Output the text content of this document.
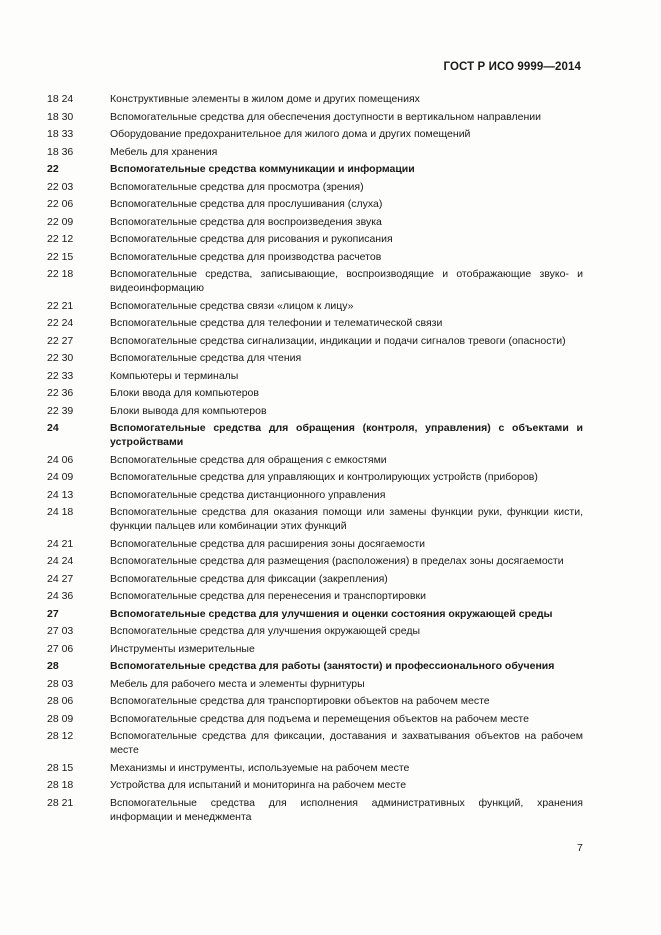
ГОСТ Р ИСО 9999—2014
18 24	Конструктивные элементы в жилом доме и других помещениях
18 30	Вспомогательные средства для обеспечения доступности в вертикальном направлении
18 33	Оборудование предохранительное для жилого дома и других помещений
18 36	Мебель для хранения
22	Вспомогательные средства коммуникации и информации
22 03	Вспомогательные средства для просмотра (зрения)
22 06	Вспомогательные средства для прослушивания (слуха)
22 09	Вспомогательные средства для воспроизведения звука
22 12	Вспомогательные средства для рисования и рукописания
22 15	Вспомогательные средства для производства расчетов
22 18	Вспомогательные средства, записывающие, воспроизводящие и отображающие звуко- и видеоинформацию
22 21	Вспомогательные средства связи «лицом к лицу»
22 24	Вспомогательные средства для телефонии и телематической связи
22 27	Вспомогательные средства сигнализации, индикации и подачи сигналов тревоги (опасности)
22 30	Вспомогательные средства для чтения
22 33	Компьютеры и терминалы
22 36	Блоки ввода для компьютеров
22 39	Блоки вывода для компьютеров
24	Вспомогательные средства для обращения (контроля, управления) с объектами и устройствами
24 06	Вспомогательные средства для обращения с емкостями
24 09	Вспомогательные средства для управляющих и контролирующих устройств (приборов)
24 13	Вспомогательные средства дистанционного управления
24 18	Вспомогательные средства для оказания помощи или замены функции руки, функции кисти, функции пальцев или комбинации этих функций
24 21	Вспомогательные средства для расширения зоны досягаемости
24 24	Вспомогательные средства для размещения (расположения) в пределах зоны досягаемости
24 27	Вспомогательные средства для фиксации (закрепления)
24 36	Вспомогательные средства для перенесения и транспортировки
27	Вспомогательные средства для улучшения и оценки состояния окружающей среды
27 03	Вспомогательные средства для улучшения окружающей среды
27 06	Инструменты измерительные
28	Вспомогательные средства для работы (занятости) и профессионального обучения
28 03	Мебель для рабочего места и элементы фурнитуры
28 06	Вспомогательные средства для транспортировки объектов на рабочем месте
28 09	Вспомогательные средства для подъема и перемещения объектов на рабочем месте
28 12	Вспомогательные средства для фиксации, доставания и захватывания объектов на рабочем месте
28 15	Механизмы и инструменты, используемые на рабочем месте
28 18	Устройства для испытаний и мониторинга на рабочем месте
28 21	Вспомогательные средства для исполнения административных функций, хранения информации и менеджмента
7
